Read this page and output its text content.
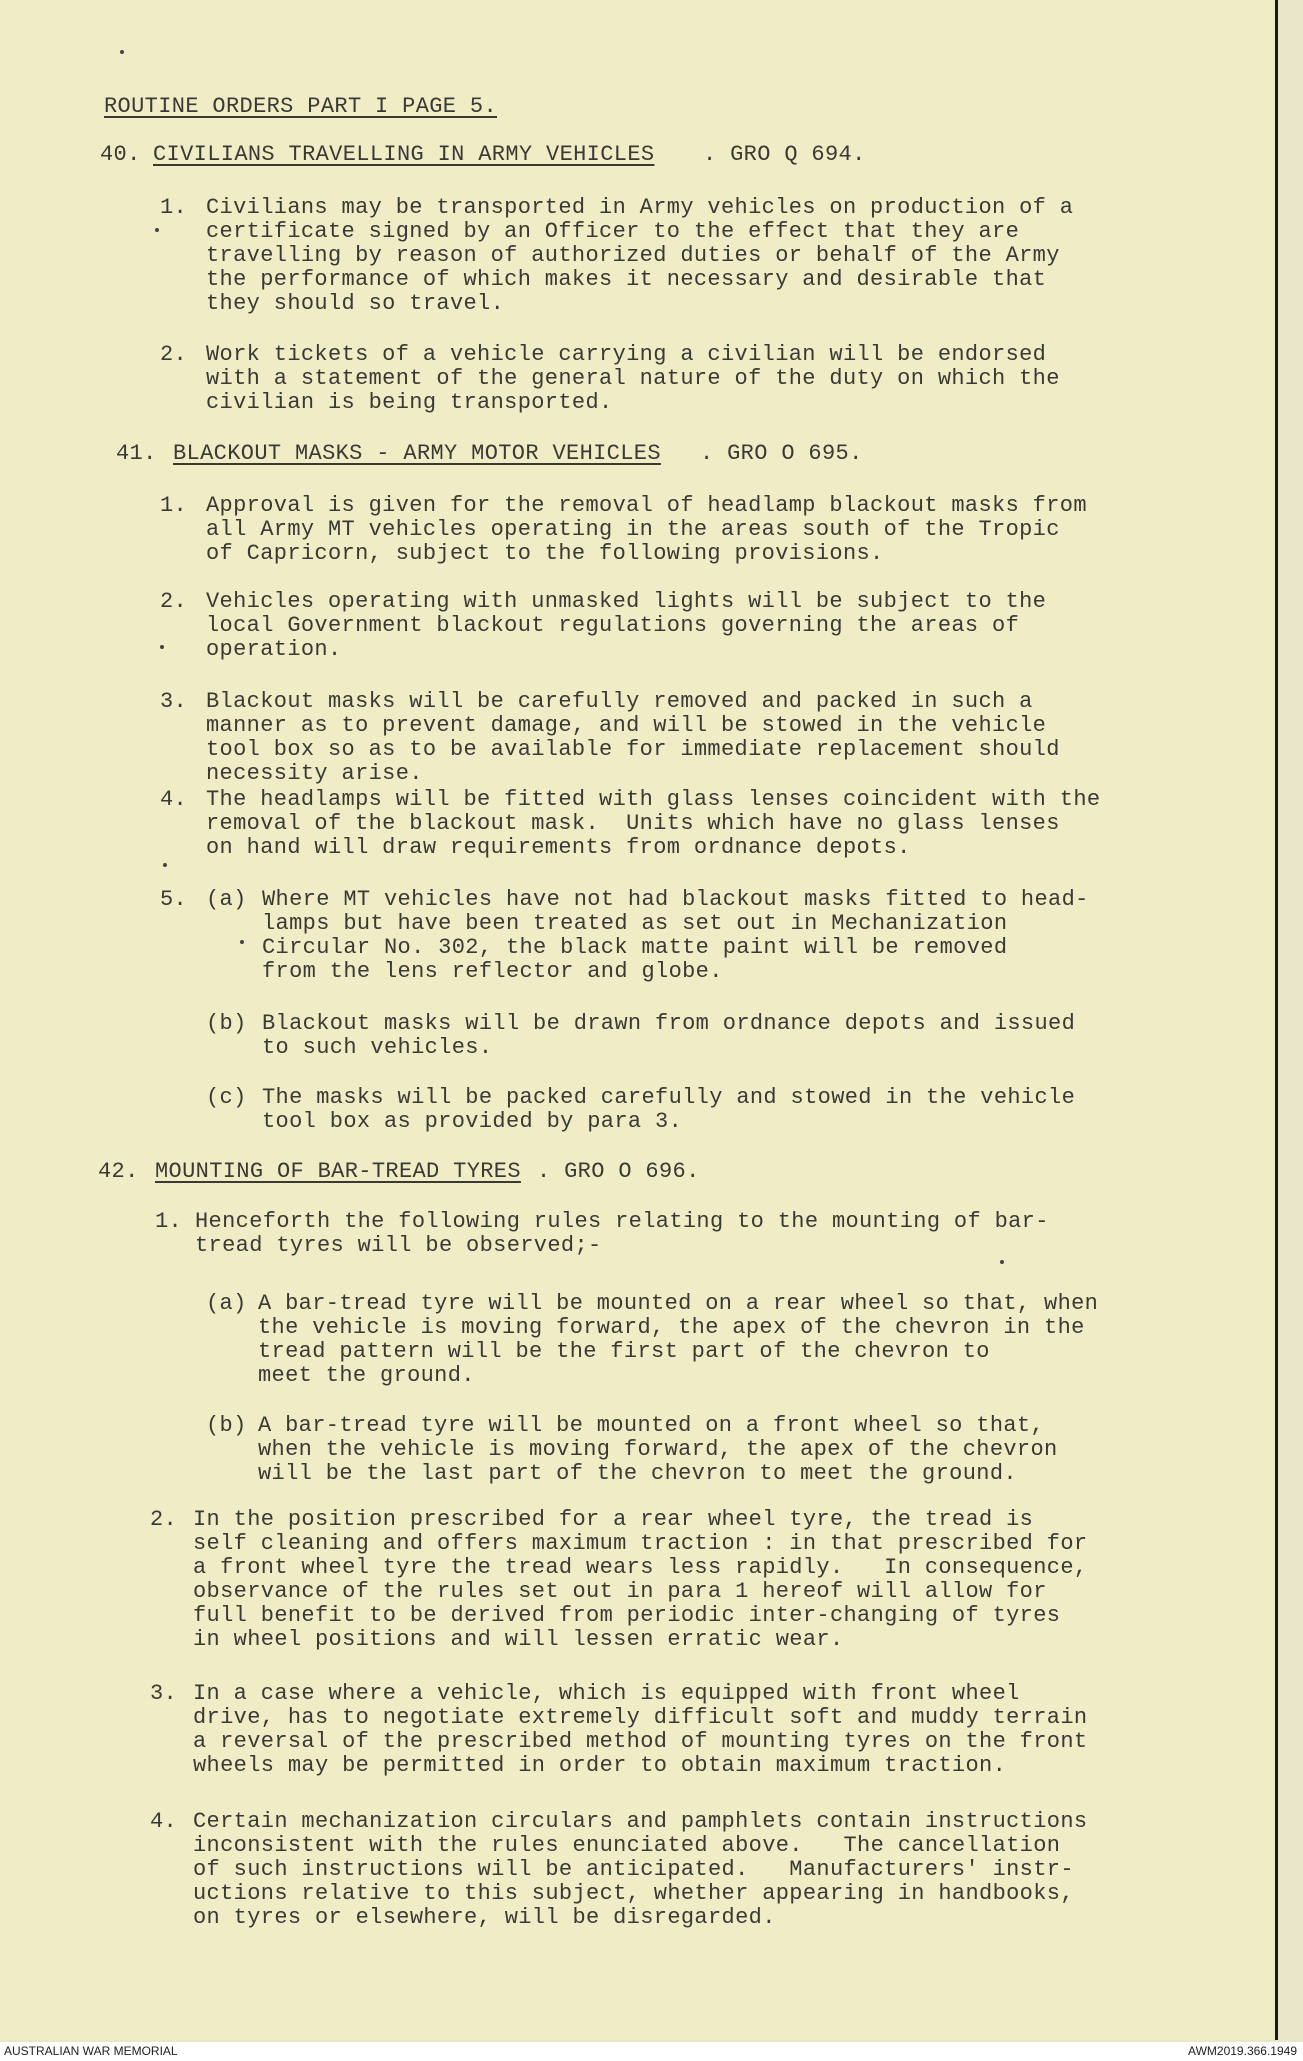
ROUTINE ORDERS PART I PAGE 5.
40. CIVILIANS TRAVELLING IN ARMY VEHICLES . GRO Q 694.
1. Civilians may be transported in Army vehicles on production of a
certificate signed by an Officer to the effect that they are
travelling by reason of authorized duties or behalf of the Army
the performance of which makes it necessary and desirable that
they should so travel.
2. Work tickets of a vehicle carrying a civilian will be endorsed
with a statement of the general nature of the duty on which the
civilian is being transported.
41. BLACKOUT MASKS - ARMY MOTOR VEHICLES . GRO O 695.
1. Approval is given for the removal of headlamp blackout masks from
all Army MT vehicles operating in the areas south of the Tropic
of Capricorn, subject to the following provisions.
2. Vehicles operating with unmasked lights will be subject to the
local Government blackout regulations governing the areas of
operation.
3. Blackout masks will be carefully removed and packed in such a
manner as to prevent damage, and will be stowed in the vehicle
tool box so as to be available for immediate replacement should
necessity arise.
4. The headlamps will be fitted with glass lenses coincident with the
removal of the blackout mask.  Units which have no glass lenses
on hand will draw requirements from ordnance depots.
5. (a) Where MT vehicles have not had blackout masks fitted to head-
lamps but have been treated as set out in Mechanization
Circular No. 302, the black matte paint will be removed
from the lens reflector and globe.
(b) Blackout masks will be drawn from ordnance depots and issued
to such vehicles.
(c) The masks will be packed carefully and stowed in the vehicle
tool box as provided by para 3.
42. MOUNTING OF BAR-TREAD TYRES . GRO O 696.
1. Henceforth the following rules relating to the mounting of bar-
tread tyres will be observed;-
(a) A bar-tread tyre will be mounted on a rear wheel so that, when
the vehicle is moving forward, the apex of the chevron in the
tread pattern will be the first part of the chevron to
meet the ground.
(b) A bar-tread tyre will be mounted on a front wheel so that,
when the vehicle is moving forward, the apex of the chevron
will be the last part of the chevron to meet the ground.
2. In the position prescribed for a rear wheel tyre, the tread is
self cleaning and offers maximum traction : in that prescribed for
a front wheel tyre the tread wears less rapidly.   In consequence,
observance of the rules set out in para 1 hereof will allow for
full benefit to be derived from periodic inter-changing of tyres
in wheel positions and will lessen erratic wear.
3. In a case where a vehicle, which is equipped with front wheel
drive, has to negotiate extremely difficult soft and muddy terrain
a reversal of the prescribed method of mounting tyres on the front
wheels may be permitted in order to obtain maximum traction.
4. Certain mechanization circulars and pamphlets contain instructions
inconsistent with the rules enunciated above.   The cancellation
of such instructions will be anticipated.   Manufacturers' instr-
uctions relative to this subject, whether appearing in handbooks,
on tyres or elsewhere, will be disregarded.
AUSTRALIAN WAR MEMORIAL	AWM2019.366.1949
